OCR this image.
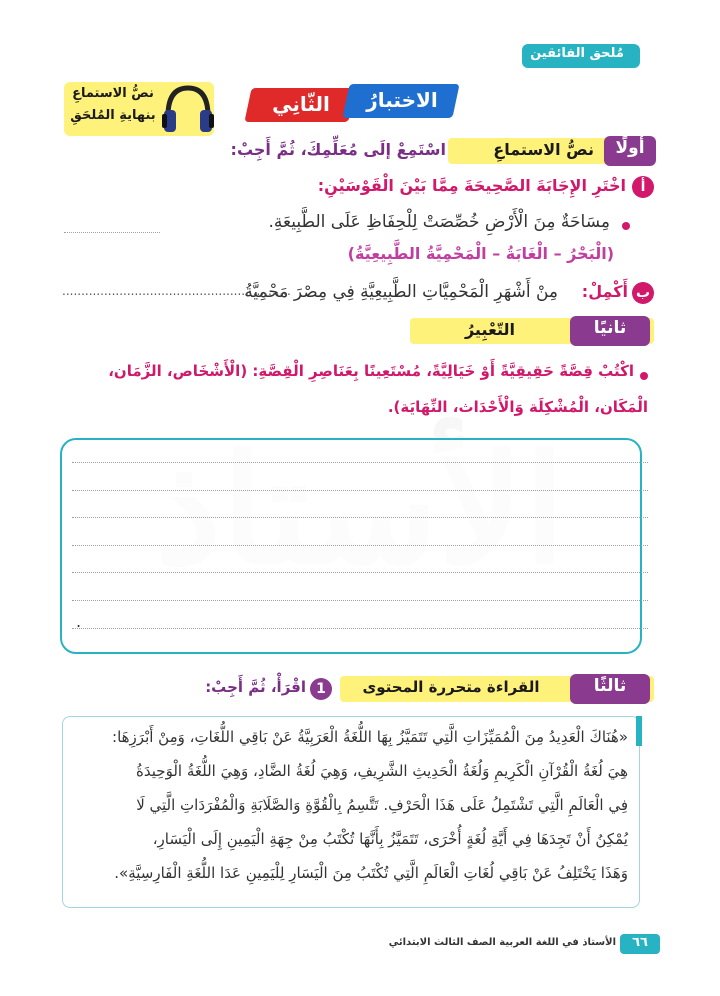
مُلحق الفائقين
نصُّ الاستماعِ
بنهايةِ المُلحَقِ	الثّانِي	الاختبارُ
أولًا
نصُّ الاستماعِ
اسْتَمِعْ إلَى مُعَلِّمِكَ، ثُمَّ أَجِبْ:
أ
اخْتَرِ الإِجَابَةَ الصَّحِيحَةَ مِمَّا بَيْنَ الْقَوْسَيْنِ:
مِسَاحَةٌ مِنَ الْأَرْضِ خُصِّصَتْ لِلْحِفَاظِ عَلَى الطَّبِيعَةِ.
(الْبَحْرُ – الْغَابَةُ – الْمَحْمِيَّةُ الطَّبِيعِيَّةُ)
ب
أَكْمِلْ:
مِنْ أَشْهَرِ الْمَحْمِيَّاتِ الطَّبِيعِيَّةِ فِي مِصْرَ مَحْمِيَّةُ
............................................................
ثانيًا
التّعْبِيرُ
اكْتُبْ قِصَّةً حَقِيقِيَّةً أَوْ خَيَالِيَّةً، مُسْتَعِينًا بِعَنَاصِرِ الْقِصَّةِ: (الْأَشْخَاص، الزَّمَان،
الْمَكَان، الْمُشْكِلَة وَالْأَحْدَاث، النِّهَايَة).
.
ثالثًا
القراءة متحررة المحتوى
1
اقْرَأْ، ثُمَّ أَجِبْ:
«هُنَاكَ الْعَدِيدُ مِنَ الْمُمَيِّزَاتِ الَّتِي تَتَمَيَّزُ بِهَا اللُّغَةُ الْعَرَبِيَّةُ عَنْ بَاقِي اللُّغَاتِ، وَمِنْ أَبْرَزِهَا:
هِيَ لُغَةُ الْقُرْآنِ الْكَرِيمِ وَلُغَةُ الْحَدِيثِ الشَّرِيفِ، وَهِيَ لُغَةُ الضَّادِ، وَهِيَ اللُّغَةُ الْوَحِيدَةُ
فِي الْعَالَمِ الَّتِي تَشْتَمِلُ عَلَى هَذَا الْحَرْفِ. تَتَّسِمُ بِالْقُوَّةِ وَالصَّلَابَةِ وَالْمُفْرَدَاتِ الَّتِي لَا
يُمْكِنُ أَنْ تَجِدَهَا فِي أَيَّةِ لُغَةٍ أُخْرَى، تَتَمَيَّزُ بِأَنَّهَا تُكْتَبُ مِنْ جِهَةِ الْيَمِينِ إِلَى الْيَسَارِ،
وَهَذَا يَخْتَلِفُ عَنْ بَاقِي لُغَاتِ الْعَالَمِ الَّتِي تُكْتَبُ مِنَ الْيَسَارِ لِلْيَمِينِ عَدَا اللُّغَةِ الْفَارِسِيَّةِ».
٦٦
الأستاذ في اللغة العربية الصف الثالث الابتدائي
